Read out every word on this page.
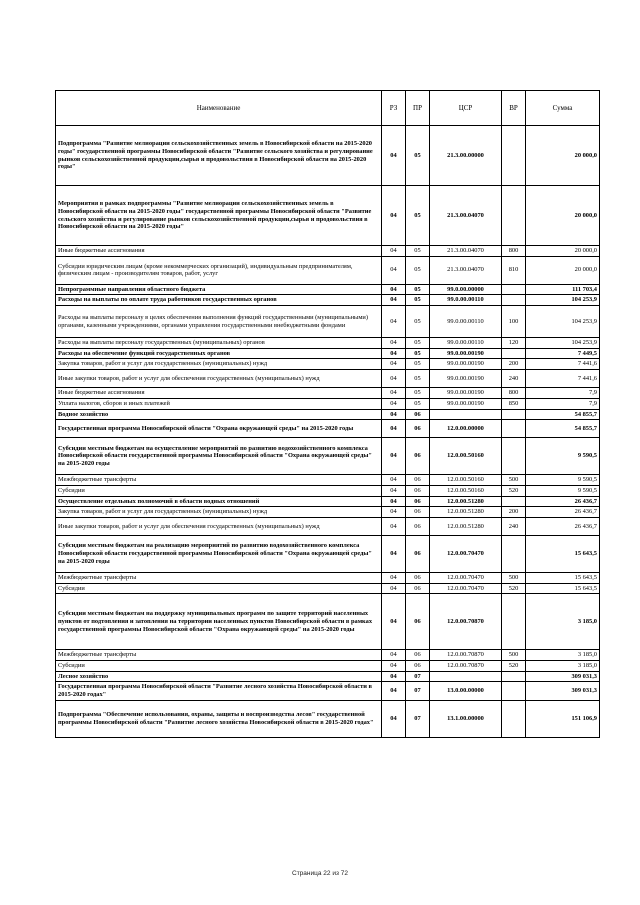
Наименование	РЗ	ПР	ЦСР	ВР	Сумма
Подпрограмма "Развитие мелиорации сельскохозяйственных земель в Новосибирской области на 2015-2020 годы" государственной программы Новосибирской области "Развитие сельского хозяйства и регулирование рынков сельскохозяйственной продукции,сырья и продовольствия в Новосибирской области на 2015-2020 годы"	04	05	21.3.00.00000		20 000,0
Мероприятия в рамках подпрограммы "Развитие мелиорации сельскохозяйственных земель в Новосибирской области на 2015-2020 годы" государственной программы Новосибирской области "Развитие сельского хозяйства и регулирование рынков сельскохозяйственной продукции,сырья и продовольствия в Новосибирской области на 2015-2020 годы"	04	05	21.3.00.04070		20 000,0
Иные бюджетные ассигнования	04	05	21.3.00.04070	800	20 000,0
Субсидии юридическим лицам (кроме некоммерческих организаций), индивидуальным предпринимателям, физическим лицам - производителям товаров, работ, услуг	04	05	21.3.00.04070	810	20 000,0
Непрограммные направления областного бюджета	04	05	99.0.00.00000		111 703,4
Расходы на выплаты по оплате труда работников государственных органов	04	05	99.0.00.00110		104 253,9
Расходы на выплаты персоналу в целях обеспечения выполнения функций государственными (муниципальными) органами, казенными учреждениями, органами управления государственными внебюджетными фондами	04	05	99.0.00.00110	100	104 253,9
Расходы на выплаты персоналу государственных (муниципальных) органов	04	05	99.0.00.00110	120	104 253,9
Расходы на обеспечение функций государственных органов	04	05	99.0.00.00190		7 449,5
Закупка товаров, работ и услуг для государственных (муниципальных) нужд	04	05	99.0.00.00190	200	7 441,6
Иные закупки товаров, работ и услуг для обеспечения государственных (муниципальных) нужд	04	05	99.0.00.00190	240	7 441,6
Иные бюджетные ассигнования	04	05	99.0.00.00190	800	7,9
Уплата налогов, сборов и иных платежей	04	05	99.0.00.00190	850	7,9
Водное хозяйство	04	06			54 855,7
Государственная программа Новосибирской области "Охрана окружающей среды" на 2015-2020 годы	04	06	12.0.00.00000		54 855,7
Субсидии местным бюджетам на осуществление мероприятий по развитию водохозяйственного комплекса Новосибирской области государственной программы Новосибирской области "Охрана окружающей среды" на 2015-2020 годы	04	06	12.0.00.50160		9 590,5
Межбюджетные трансферты	04	06	12.0.00.50160	500	9 590,5
Субсидии	04	06	12.0.00.50160	520	9 590,5
Осуществление отдельных полномочий в области водных отношений	04	06	12.0.00.51280		26 436,7
Закупка товаров, работ и услуг для государственных (муниципальных) нужд	04	06	12.0.00.51280	200	26 436,7
Иные закупки товаров, работ и услуг для обеспечения государственных (муниципальных) нужд	04	06	12.0.00.51280	240	26 436,7
Субсидии местным бюджетам на реализацию мероприятий по развитию водохозяйственного комплекса Новосибирской области государственной программы Новосибирской области "Охрана окружающей среды" на 2015-2020 годы	04	06	12.0.00.70470		15 643,5
Межбюджетные трансферты	04	06	12.0.00.70470	500	15 643,5
Субсидии	04	06	12.0.00.70470	520	15 643,5
Субсидии местным бюджетам на поддержку муниципальных программ по защите территорий населенных пунктов от подтопления и затопления на территории населенных пунктов Новосибирской области в рамках государственной программы Новосибирской области "Охрана окружающей среды" на 2015-2020 годы	04	06	12.0.00.70870		3 185,0
Межбюджетные трансферты	04	06	12.0.00.70870	500	3 185,0
Субсидии	04	06	12.0.00.70870	520	3 185,0
Лесное хозяйство	04	07			309 031,3
Государственная программа Новосибирской области "Развитие лесного хозяйства Новосибирской области в 2015-2020 годах"	04	07	13.0.00.00000		309 031,3
Подпрограмма "Обеспечение использования, охраны, защиты и воспроизводства лесов" государственной программы Новосибирской области "Развитие лесного хозяйства Новосибирской области в 2015-2020 годах"	04	07	13.1.00.00000		151 106,9
Страница 22 из 72
